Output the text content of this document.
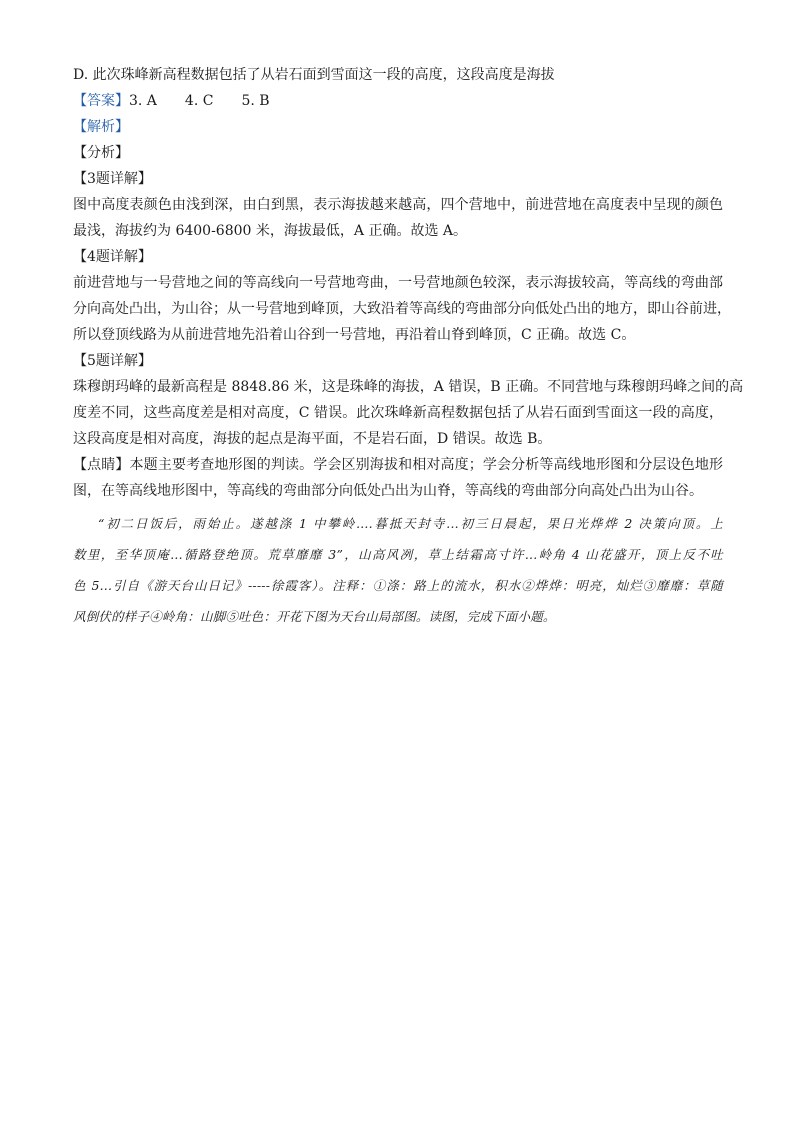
D. 此次珠峰新高程数据包括了从岩石面到雪面这一段的高度，这段高度是海拔
【答案】3. A 4. C 5. B
【解析】
【分析】
【3题详解】
图中高度表颜色由浅到深，由白到黑，表示海拔越来越高，四个营地中，前进营地在高度表中呈现的颜色
最浅，海拔约为 6400-6800 米，海拔最低，A 正确。故选 A。
【4题详解】
前进营地与一号营地之间的等高线向一号营地弯曲，一号营地颜色较深，表示海拔较高，等高线的弯曲部
分向高处凸出，为山谷；从一号营地到峰顶，大致沿着等高线的弯曲部分向低处凸出的地方，即山谷前进，
所以登顶线路为从前进营地先沿着山谷到一号营地，再沿着山脊到峰顶，C 正确。故选 C。
【5题详解】
珠穆朗玛峰的最新高程是 8848.86 米，这是珠峰的海拔，A 错误，B 正确。不同营地与珠穆朗玛峰之间的高
度差不同，这些高度差是相对高度，C 错误。此次珠峰新高程数据包括了从岩石面到雪面这一段的高度，
这段高度是相对高度，海拔的起点是海平面，不是岩石面，D 错误。故选 B。
【点睛】本题主要考查地形图的判读。学会区别海拔和相对高度；学会分析等高线地形图和分层设色地形
图，在等高线地形图中，等高线的弯曲部分向低处凸出为山脊，等高线的弯曲部分向高处凸出为山谷。
“初二日饭后，雨始止。遂越涤 1 中攀岭....暮抵天封寺...初三日晨起，果日光烨烨 2 决策向顶。上
数里，至华顶庵...循路登绝顶。荒草靡靡 3”，山高风冽，草上结霜高寸许...岭角 4 山花盛开，顶上反不吐
色 5...引自《游天台山日记》-----徐霞客）。注释：①涤：路上的流水，积水②烨烨：明亮，灿烂③靡靡：草随
风倒伏的样子④岭角：山脚⑤吐色：开花下图为天台山局部图。读图，完成下面小题。
